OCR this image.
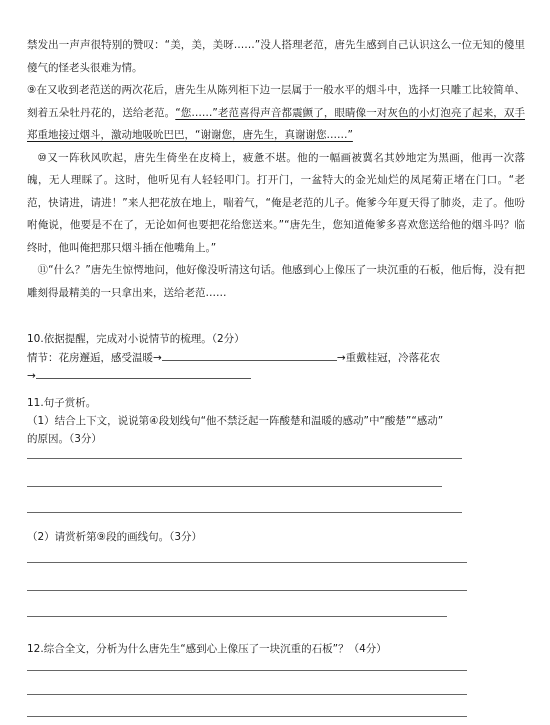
禁发出一声声很特别的赞叹：“美，美，美呀……”没人搭理老范，唐先生感到自己认识这么一位无知的傻里傻气的怪老头很难为情。

⑨在又收到老范送的两次花后，唐先生从陈列柜下边一层属于一般水平的烟斗中，选择一只雕工比较简单、刻着五朵牡丹花的，送给老范。“您……”老范喜得声音都震颤了，眼睛像一对灰色的小灯泡亮了起来，双手郑重地接过烟斗，激动地吸吮巴巴，“谢谢您，唐先生，真谢谢您……”

⑩又一阵秋风吹起，唐先生倚坐在皮椅上，疲惫不堪。他的一幅画被冀名其妙地定为黑画，他再一次落魄，无人理睬了。这时，他听见有人轻轻叩门。打开门，一盆特大的金光灿烂的凤尾菊正堵在门口。“老范，快请进，请进！”来人把花放在地上，喘着气，“俺是老范的儿子。俺爹今年夏天得了肺炎，走了。他吩咐俺说，他要是不在了，无论如何也要把花给您送来。”“唐先生，您知道俺爹多喜欢您送给他的烟斗吗？临终时，他叫俺把那只烟斗插在他嘴角上。”

⑪“什么？”唐先生惊愕地问，他好像没听清这句话。他感到心上像压了一块沉重的石板，他后悔，没有把雕刻得最精美的一只拿出来，送给老范……

10.依据提醒，完成对小说情节的梳理。（2分）
情节：花房邂逅，感受温暖→	→重戴桂冠，冷落花农
→
11.句子赏析。
（1）结合上下文，说说第④段划线句“他不禁泛起一阵酸楚和温暖的感动”中“酸楚”“感动”
的原因。（3分）
（2）请赏析第⑨段的画线句。（3分）
12.综合全文，分析为什么唐先生“感到心上像压了一块沉重的石板”？（4分）
